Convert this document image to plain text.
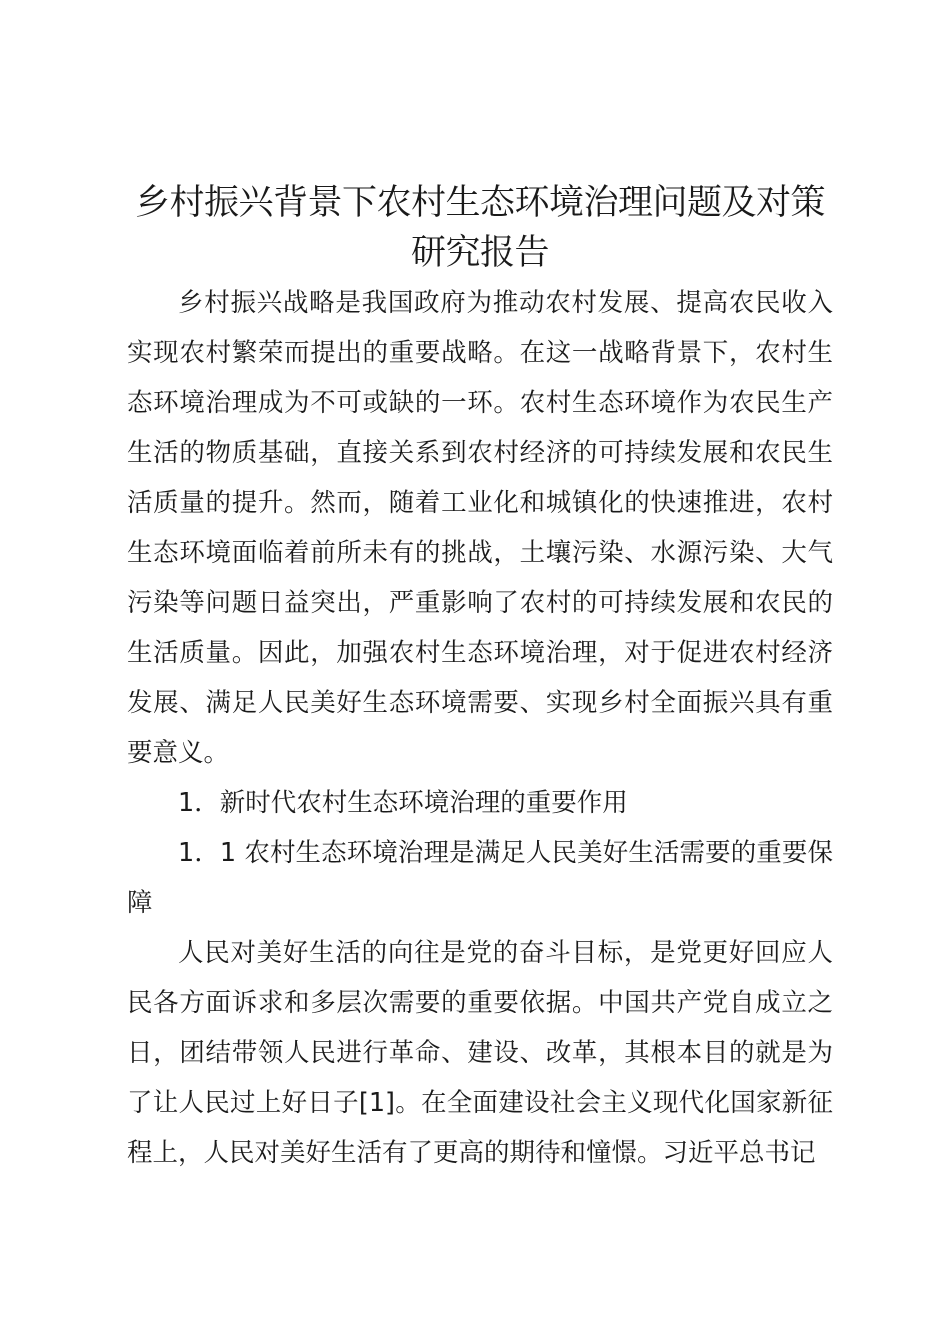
乡村振兴背景下农村生态环境治理问题及对策研究报告

乡村振兴战略是我国政府为推动农村发展、提高农民收入实现农村繁荣而提出的重要战略。在这一战略背景下，农村生态环境治理成为不可或缺的一环。农村生态环境作为农民生产生活的物质基础，直接关系到农村经济的可持续发展和农民生活质量的提升。然而，随着工业化和城镇化的快速推进，农村生态环境面临着前所未有的挑战，土壤污染、水源污染、大气污染等问题日益突出，严重影响了农村的可持续发展和农民的生活质量。因此，加强农村生态环境治理，对于促进农村经济发展、满足人民美好生态环境需要、实现乡村全面振兴具有重要意义。

1．新时代农村生态环境治理的重要作用

1．1 农村生态环境治理是满足人民美好生活需要的重要保障

人民对美好生活的向往是党的奋斗目标，是党更好回应人民各方面诉求和多层次需要的重要依据。中国共产党自成立之日，团结带领人民进行革命、建设、改革，其根本目的就是为了让人民过上好日子[1]。在全面建设社会主义现代化国家新征程上，人民对美好生活有了更高的期待和憧憬。习近平总书记
